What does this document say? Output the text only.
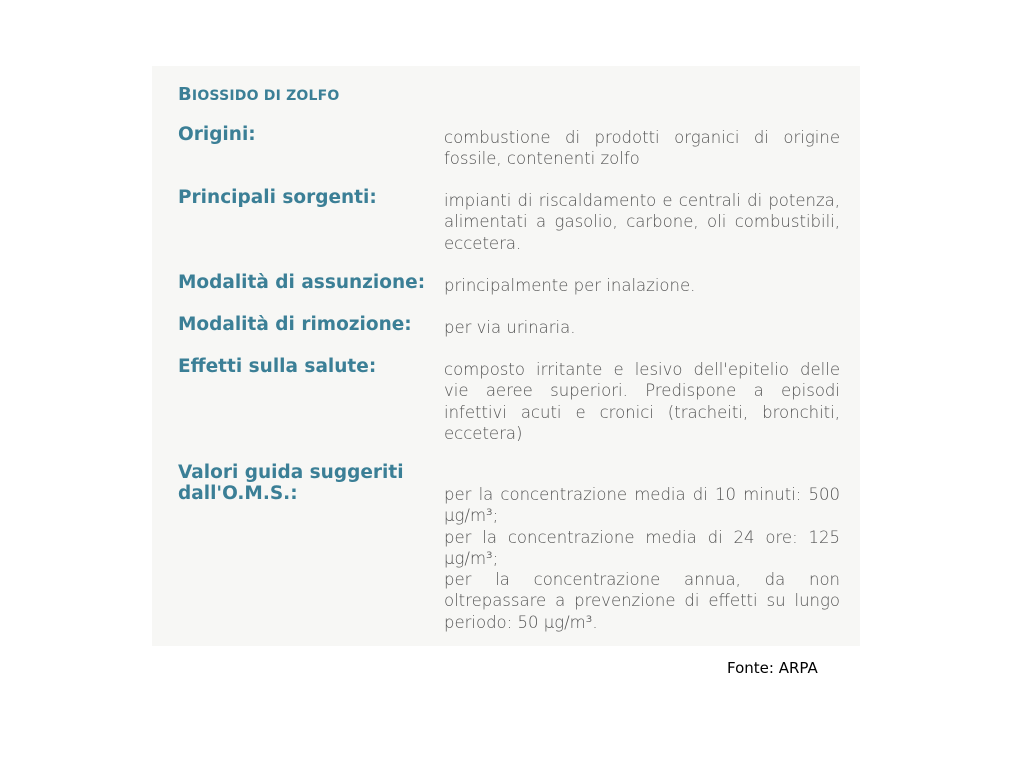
BIOSSIDO DI ZOLFO
Origini:	combustione di prodotti organici di origine fossile, contenenti zolfo
Principali sorgenti:	impianti di riscaldamento e centrali di potenza, alimentati a gasolio, carbone, oli combustibili, eccetera.
Modalità di assunzione:	principalmente per inalazione.
Modalità di rimozione:	per via urinaria.
Effetti sulla salute:	composto irritante e lesivo dell'epitelio delle vie aeree superiori. Predispone a episodi infettivi acuti e cronici (tracheiti, bronchiti, eccetera)
Valori guida suggeriti dall'O.M.S.:	per la concentrazione media di 10 minuti: 500 µg/m³;
per la concentrazione media di 24 ore: 125 µg/m³;
per la concentrazione annua, da non oltrepassare a prevenzione di effetti su lungo periodo: 50 µg/m³.
Fonte: ARPA
